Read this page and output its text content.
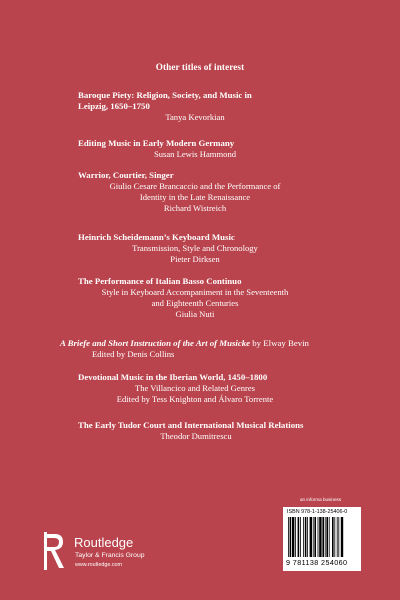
Other titles of interest
Baroque Piety: Religion, Society, and Music in
Leipzig, 1650–1750
Tanya Kevorkian
Editing Music in Early Modern Germany
Susan Lewis Hammond
Warrior, Courtier, Singer
Giulio Cesare Brancaccio and the Performance of
Identity in the Late Renaissance
Richard Wistreich
Heinrich Scheidemann’s Keyboard Music
Transmission, Style and Chronology
Pieter Dirksen
The Performance of Italian Basso Continuo
Style in Keyboard Accompaniment in the Seventeenth
and Eighteenth Centuries
Giulia Nuti
A Briefe and Short Instruction of the Art of Musicke by Elway Bevin
Edited by Denis Collins
Devotional Music in the Iberian World, 1450–1800
The Villancico and Related Genres
Edited by Tess Knighton and Álvaro Torrente
The Early Tudor Court and International Musical Relations
Theodor Dumitrescu
an informa business
ISBN 978-1-138-25406-0
9 781138 254060
Routledge
Taylor & Francis Group
www.routledge.com
